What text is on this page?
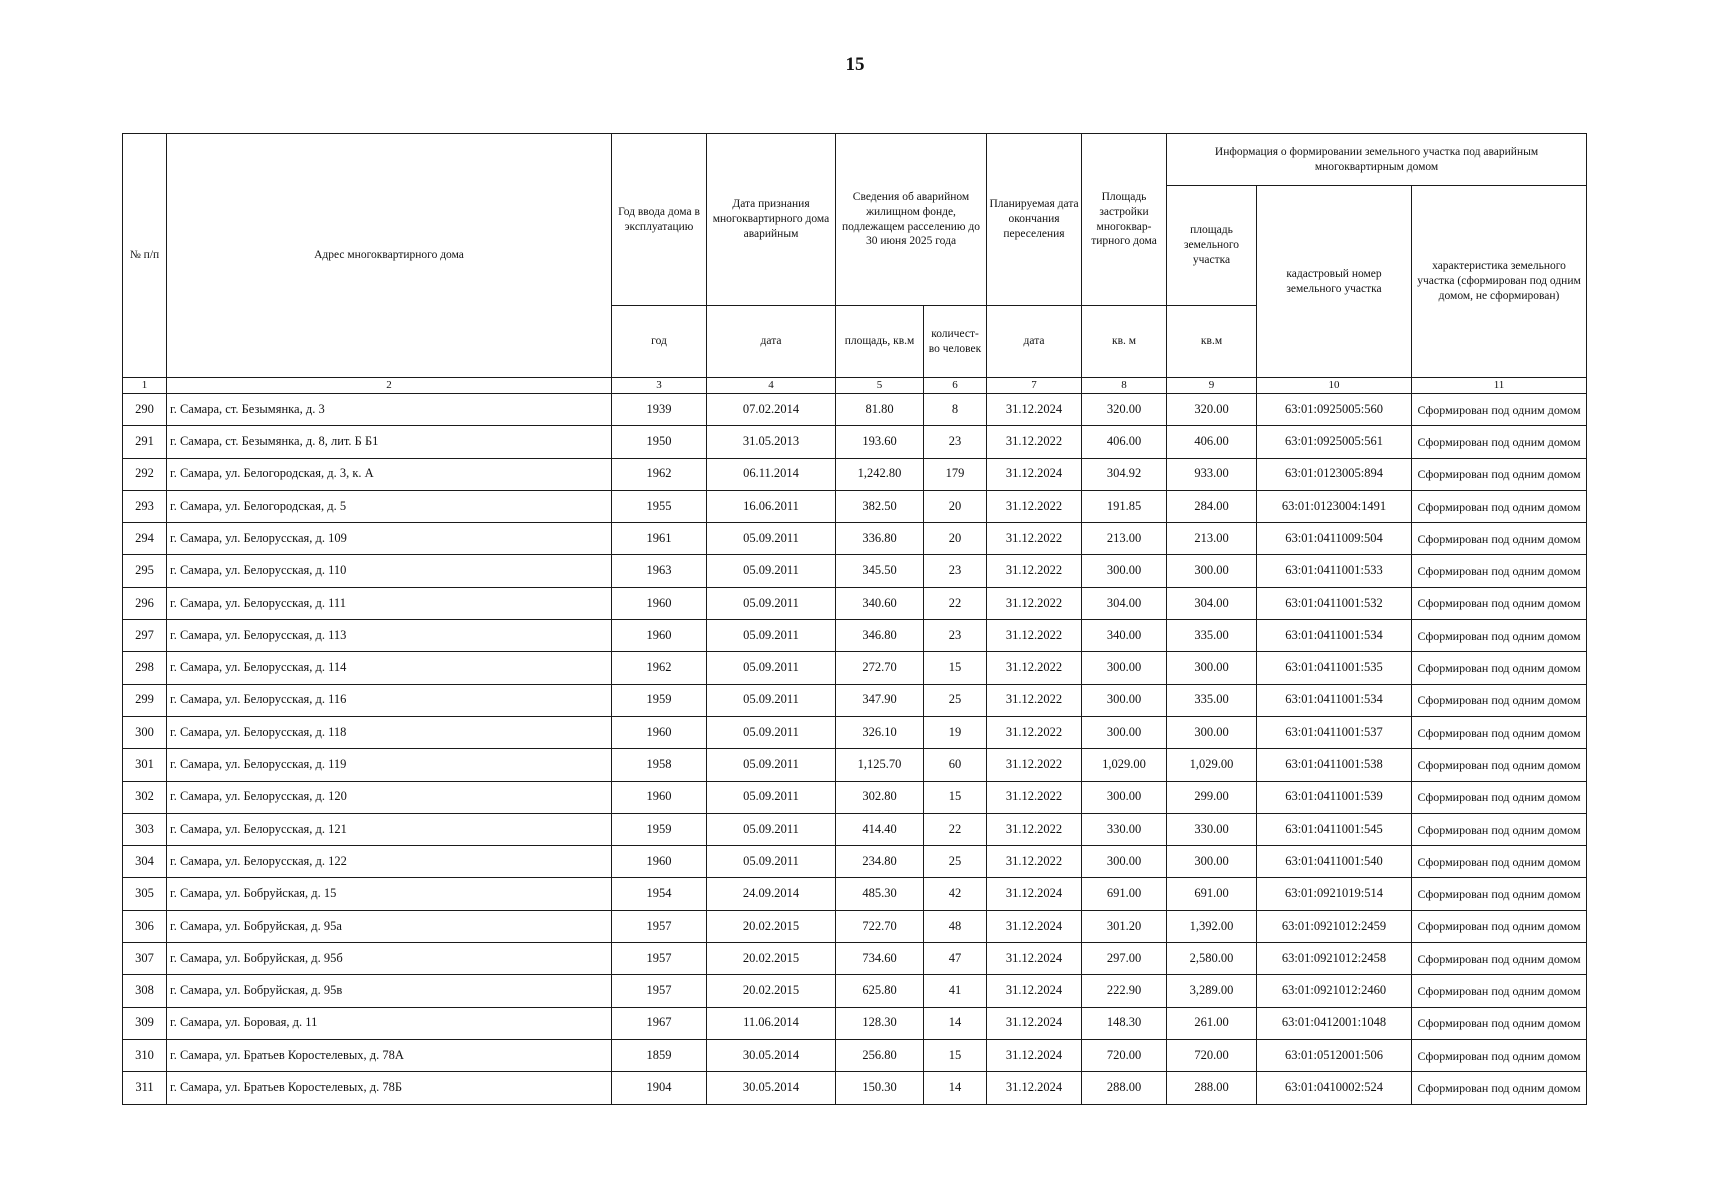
15
№ п/п	Адрес многоквартирного дома	Год ввода дома в эксплуатацию	Дата признания многоквартирного дома аварийным	Сведения об аварийном жилищном фонде, подлежащем расселению до 30 июня 2025 года		Планируемая дата окончания переселения	Площадь застройки многоквар-тирного дома	Информация о формировании земельного участка под аварийным многоквартирным домом		
								площадь земельного участка	кадастровый номер земельного участка	характеристика земельного участка (сформирован под одним домом, не сформирован)
		год	дата	площадь, кв.м	количест-во человек	дата	кв. м	кв.м		
1	2	3	4	5	6	7	8	9	10	11
290	г. Самара, ст. Безымянка, д. 3	1939	07.02.2014	81.80	8	31.12.2024	320.00	320.00	63:01:0925005:560	Сформирован под одним домом
291	г. Самара, ст. Безымянка, д. 8, лит. Б Б1	1950	31.05.2013	193.60	23	31.12.2022	406.00	406.00	63:01:0925005:561	Сформирован под одним домом
292	г. Самара, ул. Белогородская, д. 3, к. А	1962	06.11.2014	1,242.80	179	31.12.2024	304.92	933.00	63:01:0123005:894	Сформирован под одним домом
293	г. Самара, ул. Белогородская, д. 5	1955	16.06.2011	382.50	20	31.12.2022	191.85	284.00	63:01:0123004:1491	Сформирован под одним домом
294	г. Самара, ул. Белорусская, д. 109	1961	05.09.2011	336.80	20	31.12.2022	213.00	213.00	63:01:0411009:504	Сформирован под одним домом
295	г. Самара, ул. Белорусская, д. 110	1963	05.09.2011	345.50	23	31.12.2022	300.00	300.00	63:01:0411001:533	Сформирован под одним домом
296	г. Самара, ул. Белорусская, д. 111	1960	05.09.2011	340.60	22	31.12.2022	304.00	304.00	63:01:0411001:532	Сформирован под одним домом
297	г. Самара, ул. Белорусская, д. 113	1960	05.09.2011	346.80	23	31.12.2022	340.00	335.00	63:01:0411001:534	Сформирован под одним домом
298	г. Самара, ул. Белорусская, д. 114	1962	05.09.2011	272.70	15	31.12.2022	300.00	300.00	63:01:0411001:535	Сформирован под одним домом
299	г. Самара, ул. Белорусская, д. 116	1959	05.09.2011	347.90	25	31.12.2022	300.00	335.00	63:01:0411001:534	Сформирован под одним домом
300	г. Самара, ул. Белорусская, д. 118	1960	05.09.2011	326.10	19	31.12.2022	300.00	300.00	63:01:0411001:537	Сформирован под одним домом
301	г. Самара, ул. Белорусская, д. 119	1958	05.09.2011	1,125.70	60	31.12.2022	1,029.00	1,029.00	63:01:0411001:538	Сформирован под одним домом
302	г. Самара, ул. Белорусская, д. 120	1960	05.09.2011	302.80	15	31.12.2022	300.00	299.00	63:01:0411001:539	Сформирован под одним домом
303	г. Самара, ул. Белорусская, д. 121	1959	05.09.2011	414.40	22	31.12.2022	330.00	330.00	63:01:0411001:545	Сформирован под одним домом
304	г. Самара, ул. Белорусская, д. 122	1960	05.09.2011	234.80	25	31.12.2022	300.00	300.00	63:01:0411001:540	Сформирован под одним домом
305	г. Самара, ул. Бобруйская, д. 15	1954	24.09.2014	485.30	42	31.12.2024	691.00	691.00	63:01:0921019:514	Сформирован под одним домом
306	г. Самара, ул. Бобруйская, д. 95а	1957	20.02.2015	722.70	48	31.12.2024	301.20	1,392.00	63:01:0921012:2459	Сформирован под одним домом
307	г. Самара, ул. Бобруйская, д. 95б	1957	20.02.2015	734.60	47	31.12.2024	297.00	2,580.00	63:01:0921012:2458	Сформирован под одним домом
308	г. Самара, ул. Бобруйская, д. 95в	1957	20.02.2015	625.80	41	31.12.2024	222.90	3,289.00	63:01:0921012:2460	Сформирован под одним домом
309	г. Самара, ул. Боровая, д. 11	1967	11.06.2014	128.30	14	31.12.2024	148.30	261.00	63:01:0412001:1048	Сформирован под одним домом
310	г. Самара, ул. Братьев Коростелевых, д. 78А	1859	30.05.2014	256.80	15	31.12.2024	720.00	720.00	63:01:0512001:506	Сформирован под одним домом
311	г. Самара, ул. Братьев Коростелевых, д. 78Б	1904	30.05.2014	150.30	14	31.12.2024	288.00	288.00	63:01:0410002:524	Сформирован под одним домом
